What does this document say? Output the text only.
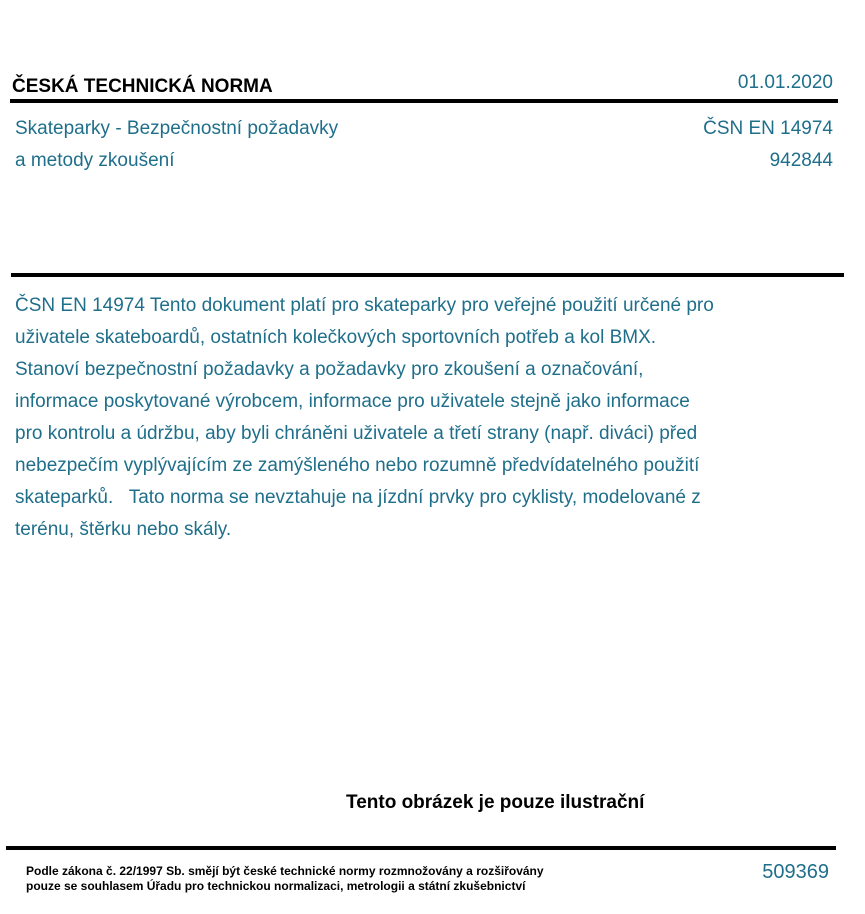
ČESKÁ TECHNICKÁ NORMA	01.01.2020
Skateparky - Bezpečnostní požadavky
a metody zkoušení
ČSN EN 14974
942844
ČSN EN 14974 Tento dokument platí pro skateparky pro veřejné použití určené pro uživatele skateboardů, ostatních kolečkových sportovních potřeb a kol BMX.   Stanoví bezpečnostní požadavky a požadavky pro zkoušení a označování, informace poskytované výrobcem, informace pro uživatele stejně jako informace pro kontrolu a údržbu, aby byli chráněni uživatele a třetí strany (např. diváci) před nebezpečím vyplývajícím ze zamýšleného nebo rozumně předvídatelného použití skateparků.   Tato norma se nevztahuje na jízdní prvky pro cyklisty, modelované z terénu, štěrku nebo skály.
Tento obrázek je pouze ilustrační
Podle zákona č. 22/1997 Sb. smějí být české technické normy rozmnožovány a rozšiřovány
pouze se souhlasem Úřadu pro technickou normalizaci, metrologii a státní zkušebnictví
509369
